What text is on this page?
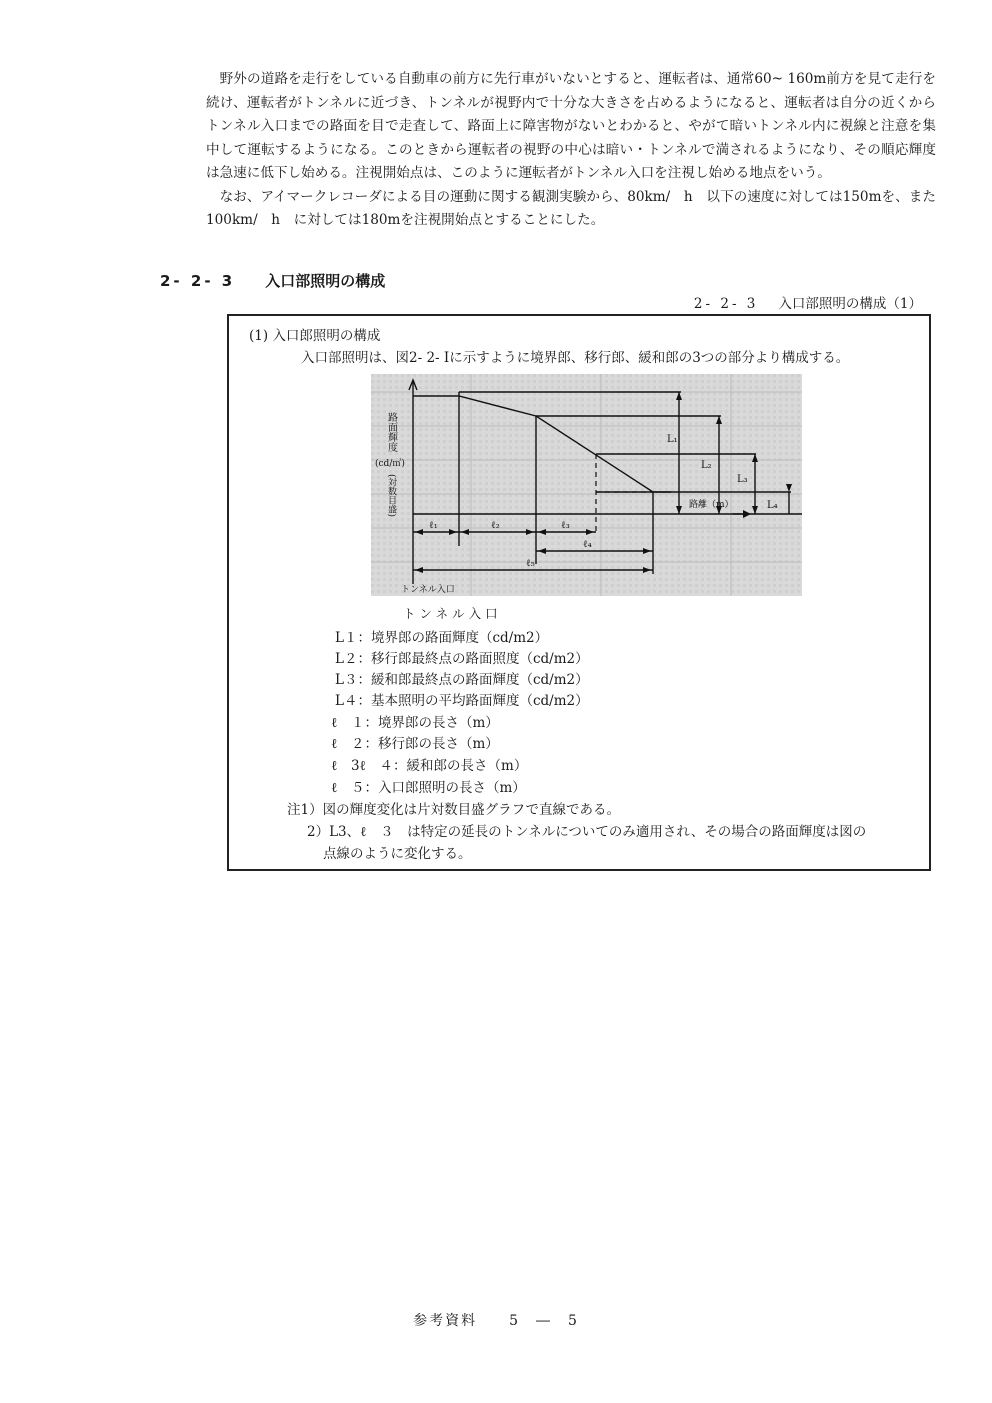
野外の道路を走行をしている自動車の前方に先行車がいないとすると、運転者は、通常60~ 160m前方を見て走行を続け、運転者がトンネルに近づき、トンネルが視野内で十分な大きさを占めるようになると、運転者は自分の近くからトンネル入口までの路面を目で走査して、路面上に障害物がないとわかると、やがて暗いトンネル内に視線と注意を集中して運転するようになる。このときから運転者の視野の中心は暗い・トンネルで満されるようになり、その順応輝度は急速に低下し始める。注視開始点は、このように運転者がトンネル入口を注視し始める地点をいう。

なお、アイマークレコーダによる目の運動に関する観測実験から、80km/　h　以下の速度に対しては150mを、また100km/　h　に対しては180mを注視開始点とすることにした。

2- 2- 3 入口部照明の構成
2- 2- 3 入口部照明の構成（1）
(1) 入口郎照明の構成
入口部照明は、図2- 2- Ⅰに示すように境界郎、移行郎、緩和郎の3つの部分より構成する。
路面輝度
(cd/㎡)
(対数目盛)	路離（m）
トンネル入口
L₁
L₂
L₃
L₄
ℓ₁	ℓ₂	ℓ₃
ℓ₄
ℓ₅
トンネル入口
L１：境界郎の路面輝度（cd/m2）
L２：移行郎最終点の路面照度（cd/m2）
L３：緩和郎最終点の路面輝度（cd/m2）
L４：基本照明の平均路面輝度（cd/m2）
ℓ　１：境界郎の長さ（m）
ℓ　２：移行郎の長さ（m）
ℓ　3ℓ　４：緩和郎の長さ（m）
ℓ　５：入口郎照明の長さ（m）
注1）図の輝度変化は片対数目盛グラフで直線である。
2）L3、ℓ　３　は特定の延長のトンネルについてのみ適用され、その場合の路面輝度は図の
点線のように変化する。
参考資料　　 5　―　5
